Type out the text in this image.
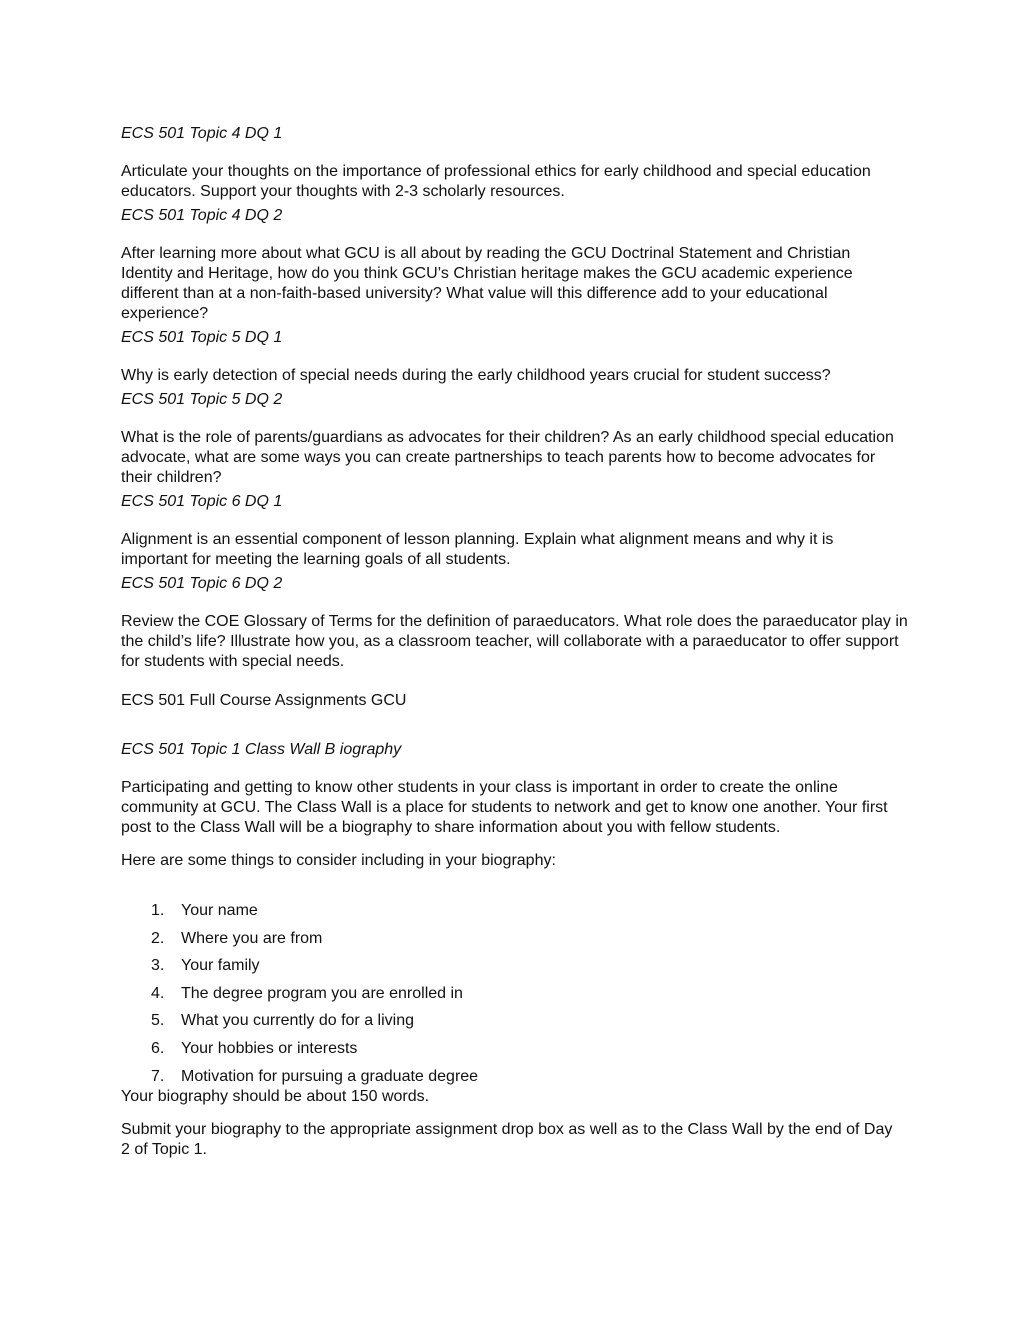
ECS 501 Topic 4 DQ 1

Articulate your thoughts on the importance of professional ethics for early childhood and special education educators. Support your thoughts with 2-3 scholarly resources.

ECS 501 Topic 4 DQ 2

After learning more about what GCU is all about by reading the GCU Doctrinal Statement and Christian Identity and Heritage, how do you think GCU’s Christian heritage makes the GCU academic experience different than at a non-faith-based university? What value will this difference add to your educational experience?

ECS 501 Topic 5 DQ 1

Why is early detection of special needs during the early childhood years crucial for student success?

ECS 501 Topic 5 DQ 2

What is the role of parents/guardians as advocates for their children? As an early childhood special education advocate, what are some ways you can create partnerships to teach parents how to become advocates for their children?

ECS 501 Topic 6 DQ 1

Alignment is an essential component of lesson planning. Explain what alignment means and why it is important for meeting the learning goals of all students.

ECS 501 Topic 6 DQ 2

Review the COE Glossary of Terms for the definition of paraeducators. What role does the paraeducator play in the child’s life? Illustrate how you, as a classroom teacher, will collaborate with a paraeducator to offer support for students with special needs.

ECS 501 Full Course Assignments GCU

ECS 501 Topic 1 Class Wall B iography

Participating and getting to know other students in your class is important in order to create the online community at GCU. The Class Wall is a place for students to network and get to know one another. Your first post to the Class Wall will be a biography to share information about you with fellow students.

Here are some things to consider including in your biography:

1.	Your name
2.	Where you are from
3.	Your family
4.	The degree program you are enrolled in
5.	What you currently do for a living
6.	Your hobbies or interests
7.	Motivation for pursuing a graduate degree

Your biography should be about 150 words.

Submit your biography to the appropriate assignment drop box as well as to the Class Wall by the end of Day 2 of Topic 1.
